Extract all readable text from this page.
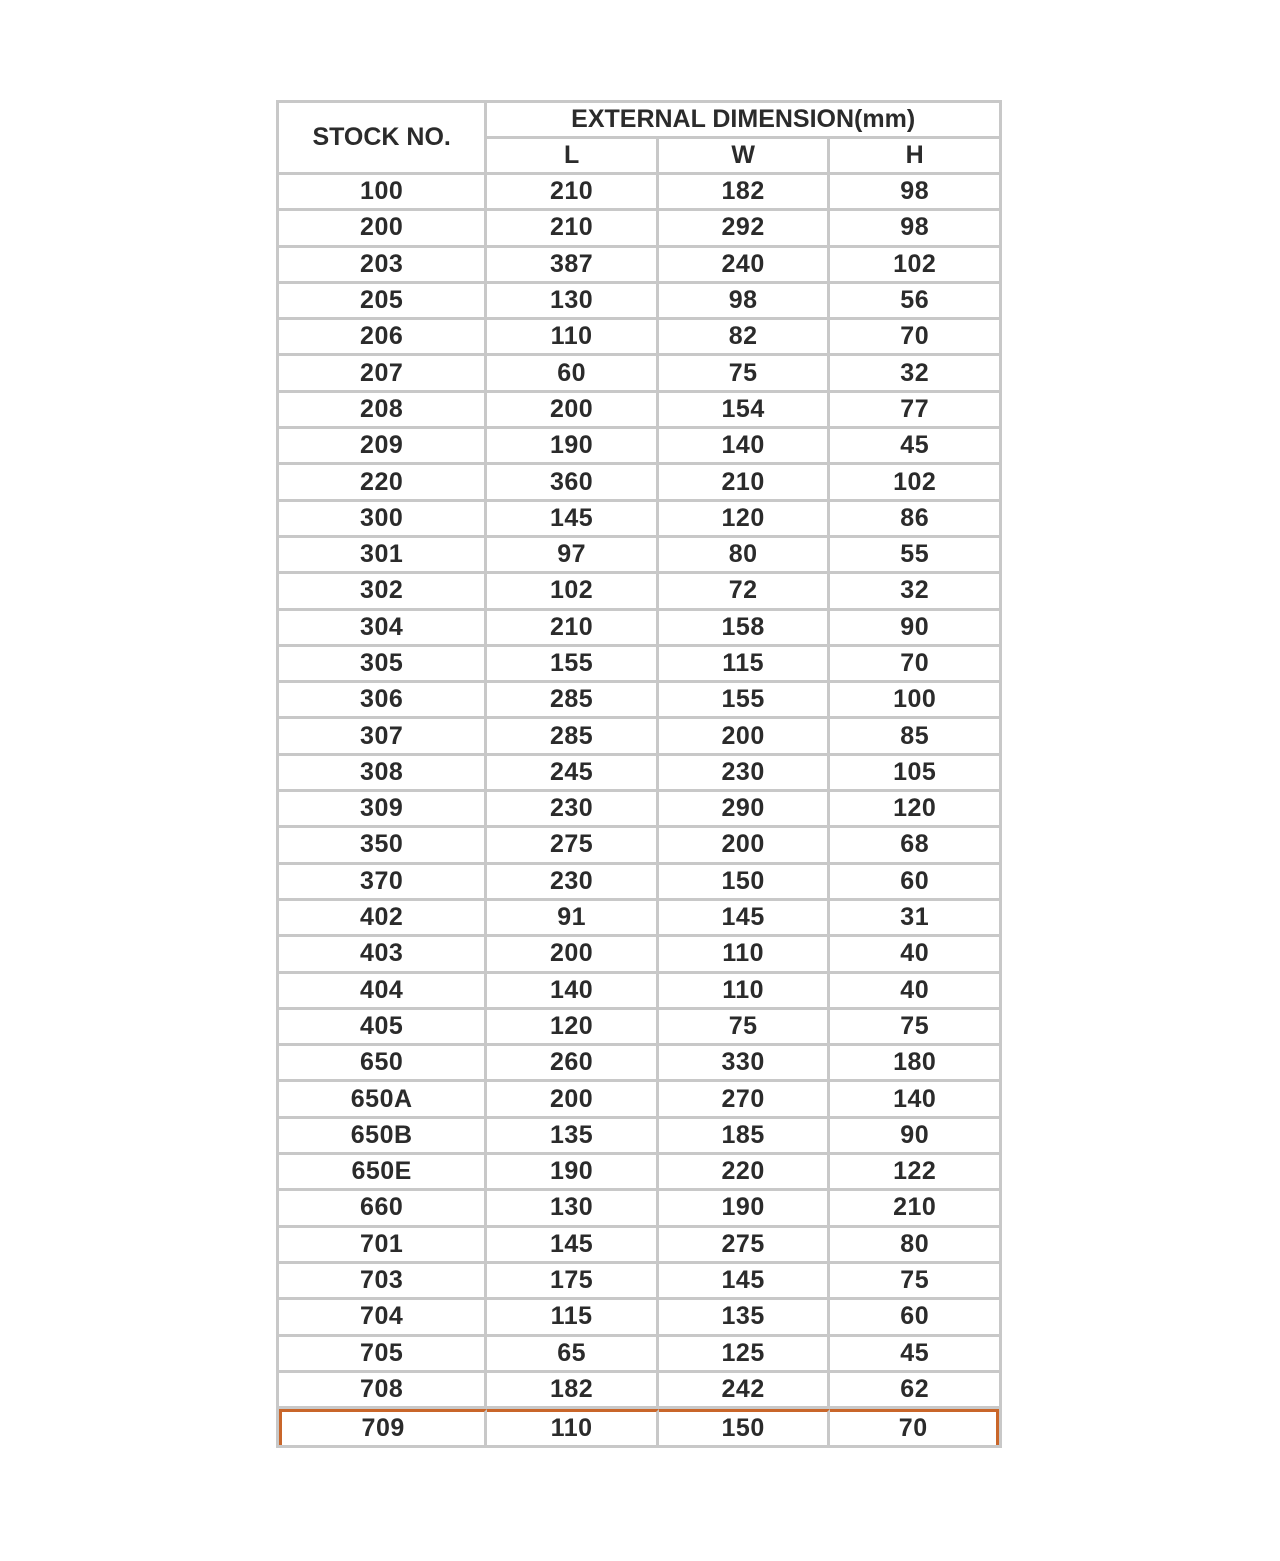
STOCK NO.	EXTERNAL DIMENSION(mm)		
	L	W	H
100	210	182	98
200	210	292	98
203	387	240	102
205	130	98	56
206	110	82	70
207	60	75	32
208	200	154	77
209	190	140	45
220	360	210	102
300	145	120	86
301	97	80	55
302	102	72	32
304	210	158	90
305	155	115	70
306	285	155	100
307	285	200	85
308	245	230	105
309	230	290	120
350	275	200	68
370	230	150	60
402	91	145	31
403	200	110	40
404	140	110	40
405	120	75	75
650	260	330	180
650A	200	270	140
650B	135	185	90
650E	190	220	122
660	130	190	210
701	145	275	80
703	175	145	75
704	115	135	60
705	65	125	45
708	182	242	62
709	110	150	70
